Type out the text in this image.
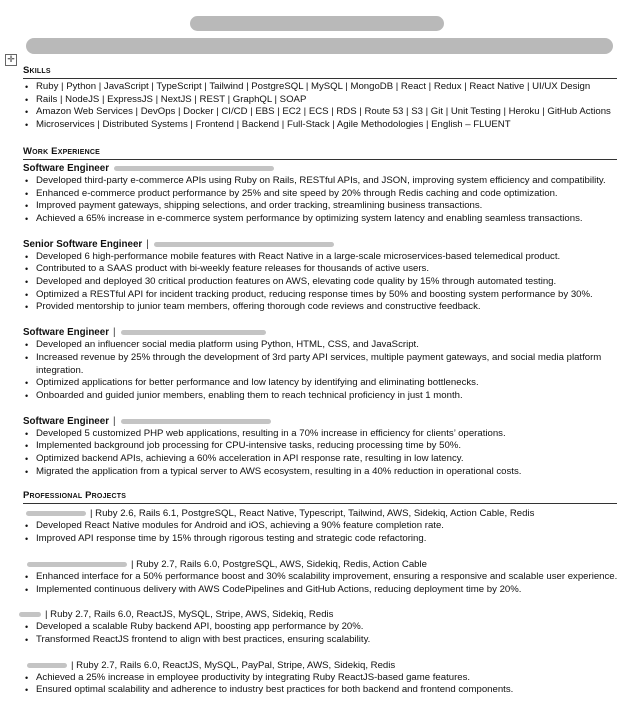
✛
Skills
• Ruby | Python | JavaScript | TypeScript | Tailwind | PostgreSQL | MySQL | MongoDB | React | Redux | React Native | UI/UX Design
• Rails | NodeJS | ExpressJS | NextJS | REST | GraphQL | SOAP
• Amazon Web Services | DevOps | Docker | CI/CD | EBS | EC2 | ECS | RDS | Route 53 | S3 | Git | Unit Testing | Heroku | GitHub Actions
• Microservices | Distributed Systems | Frontend | Backend | Full-Stack | Agile Methodologies | English – FLUENT
Work Experience
Software Engineer
• Developed third-party e-commerce APIs using Ruby on Rails, RESTful APIs, and JSON, improving system efficiency and compatibility.
• Enhanced e-commerce product performance by 25% and site speed by 20% through Redis caching and code optimization.
• Improved payment gateways, shipping selections, and order tracking, streamlining business transactions.
• Achieved a 65% increase in e-commerce system performance by optimizing system latency and enabling seamless transactions.
Senior Software Engineer |
• Developed 6 high-performance mobile features with React Native in a large-scale microservices-based telemedical product.
• Contributed to a SAAS product with bi-weekly feature releases for thousands of active users.
• Developed and deployed 30 critical production features on AWS, elevating code quality by 15% through automated testing.
• Optimized a RESTful API for incident tracking product, reducing response times by 50% and boosting system performance by 30%.
• Provided mentorship to junior team members, offering thorough code reviews and constructive feedback.
Software Engineer |
• Developed an influencer social media platform using Python, HTML, CSS, and JavaScript.
• Increased revenue by 25% through the development of 3rd party API services, multiple payment gateways, and social media platform integration.
• Optimized applications for better performance and low latency by identifying and eliminating bottlenecks.
• Onboarded and guided junior members, enabling them to reach technical proficiency in just 1 month.
Software Engineer |
• Developed 5 customized PHP web applications, resulting in a 70% increase in efficiency for clients’ operations.
• Implemented background job processing for CPU-intensive tasks, reducing processing time by 50%.
• Optimized backend APIs, achieving a 60% acceleration in API response rate, resulting in low latency.
• Migrated the application from a typical server to AWS ecosystem, resulting in a 40% reduction in operational costs.
Professional Projects
| Ruby 2.6, Rails 6.1, PostgreSQL, React Native, Typescript, Tailwind, AWS, Sidekiq, Action Cable, Redis
• Developed React Native modules for Android and iOS, achieving a 90% feature completion rate.
• Improved API response time by 15% through rigorous testing and strategic code refactoring.
| Ruby 2.7, Rails 6.0, PostgreSQL, AWS, Sidekiq, Redis, Action Cable
• Enhanced interface for a 50% performance boost and 30% scalability improvement, ensuring a responsive and scalable user experience.
• Implemented continuous delivery with AWS CodePipelines and GitHub Actions, reducing deployment time by 20%.
| Ruby 2.7, Rails 6.0, ReactJS, MySQL, Stripe, AWS, Sidekiq, Redis
• Developed a scalable Ruby backend API, boosting app performance by 20%.
• Transformed ReactJS frontend to align with best practices, ensuring scalability.
| Ruby 2.7, Rails 6.0, ReactJS, MySQL, PayPal, Stripe, AWS, Sidekiq, Redis
• Achieved a 25% increase in employee productivity by integrating Ruby ReactJS-based game features.
• Ensured optimal scalability and adherence to industry best practices for both backend and frontend components.
